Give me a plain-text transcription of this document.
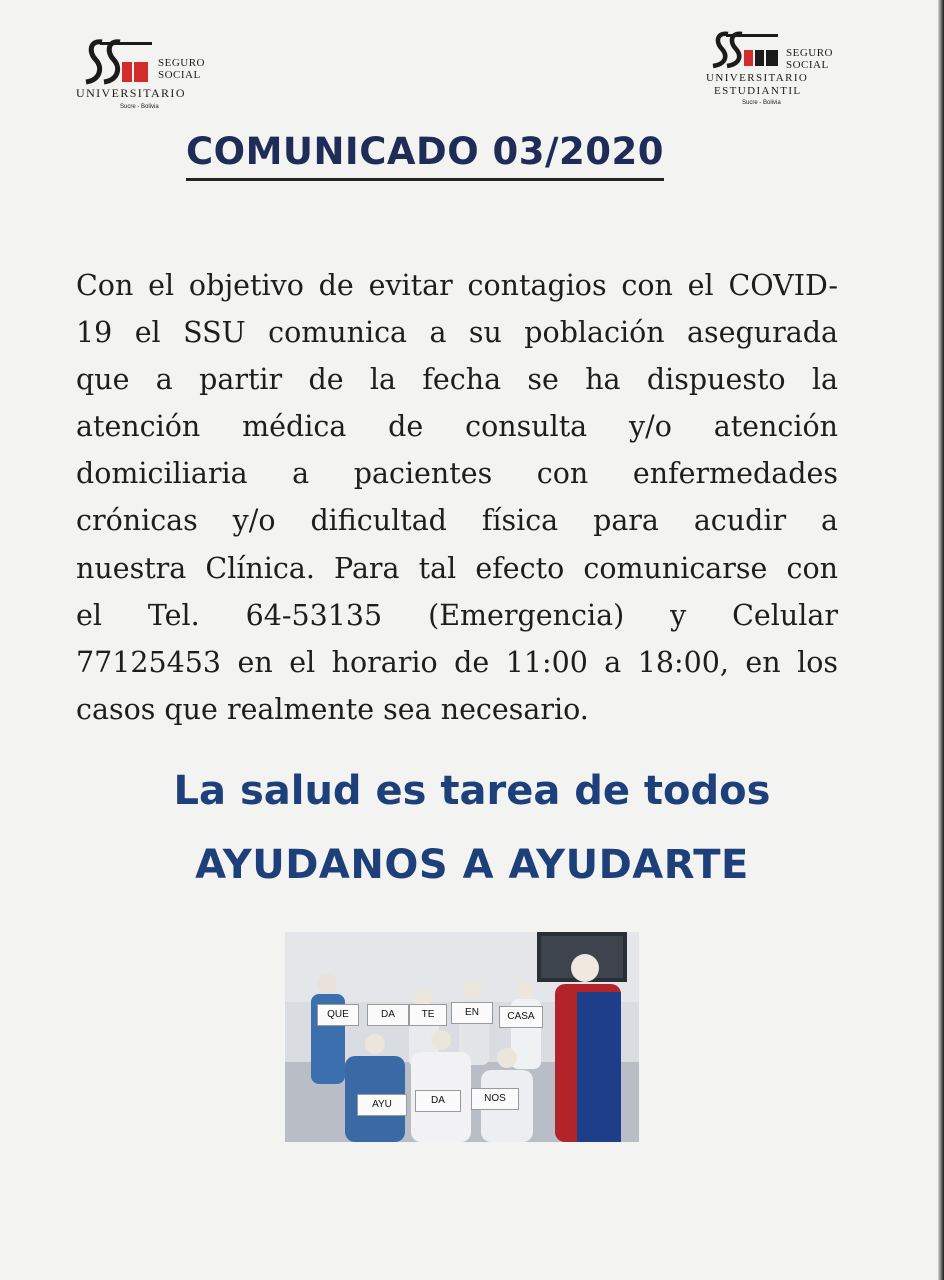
SEGURO
SOCIAL
UNIVERSITARIO
Sucre - Bolivia
SEGURO
SOCIAL
UNIVERSITARIO
ESTUDIANTIL
Sucre - Bolivia
COMUNICADO 03/2020
Con el objetivo de evitar contagios con el COVID-
19 el SSU comunica a su población asegurada
que a partir de la fecha se ha dispuesto la
atención médica de consulta y/o atención
domiciliaria a pacientes con enfermedades
crónicas y/o dificultad física para acudir a
nuestra Clínica. Para tal efecto comunicarse con
el Tel. 64-53135 (Emergencia) y Celular
77125453 en el horario de 11:00 a 18:00, en los
casos que realmente sea necesario.
La salud es tarea de todos
AYUDANOS A AYUDARTE
QUE	DA	TE	EN	CASA
AYU	DA	NOS
